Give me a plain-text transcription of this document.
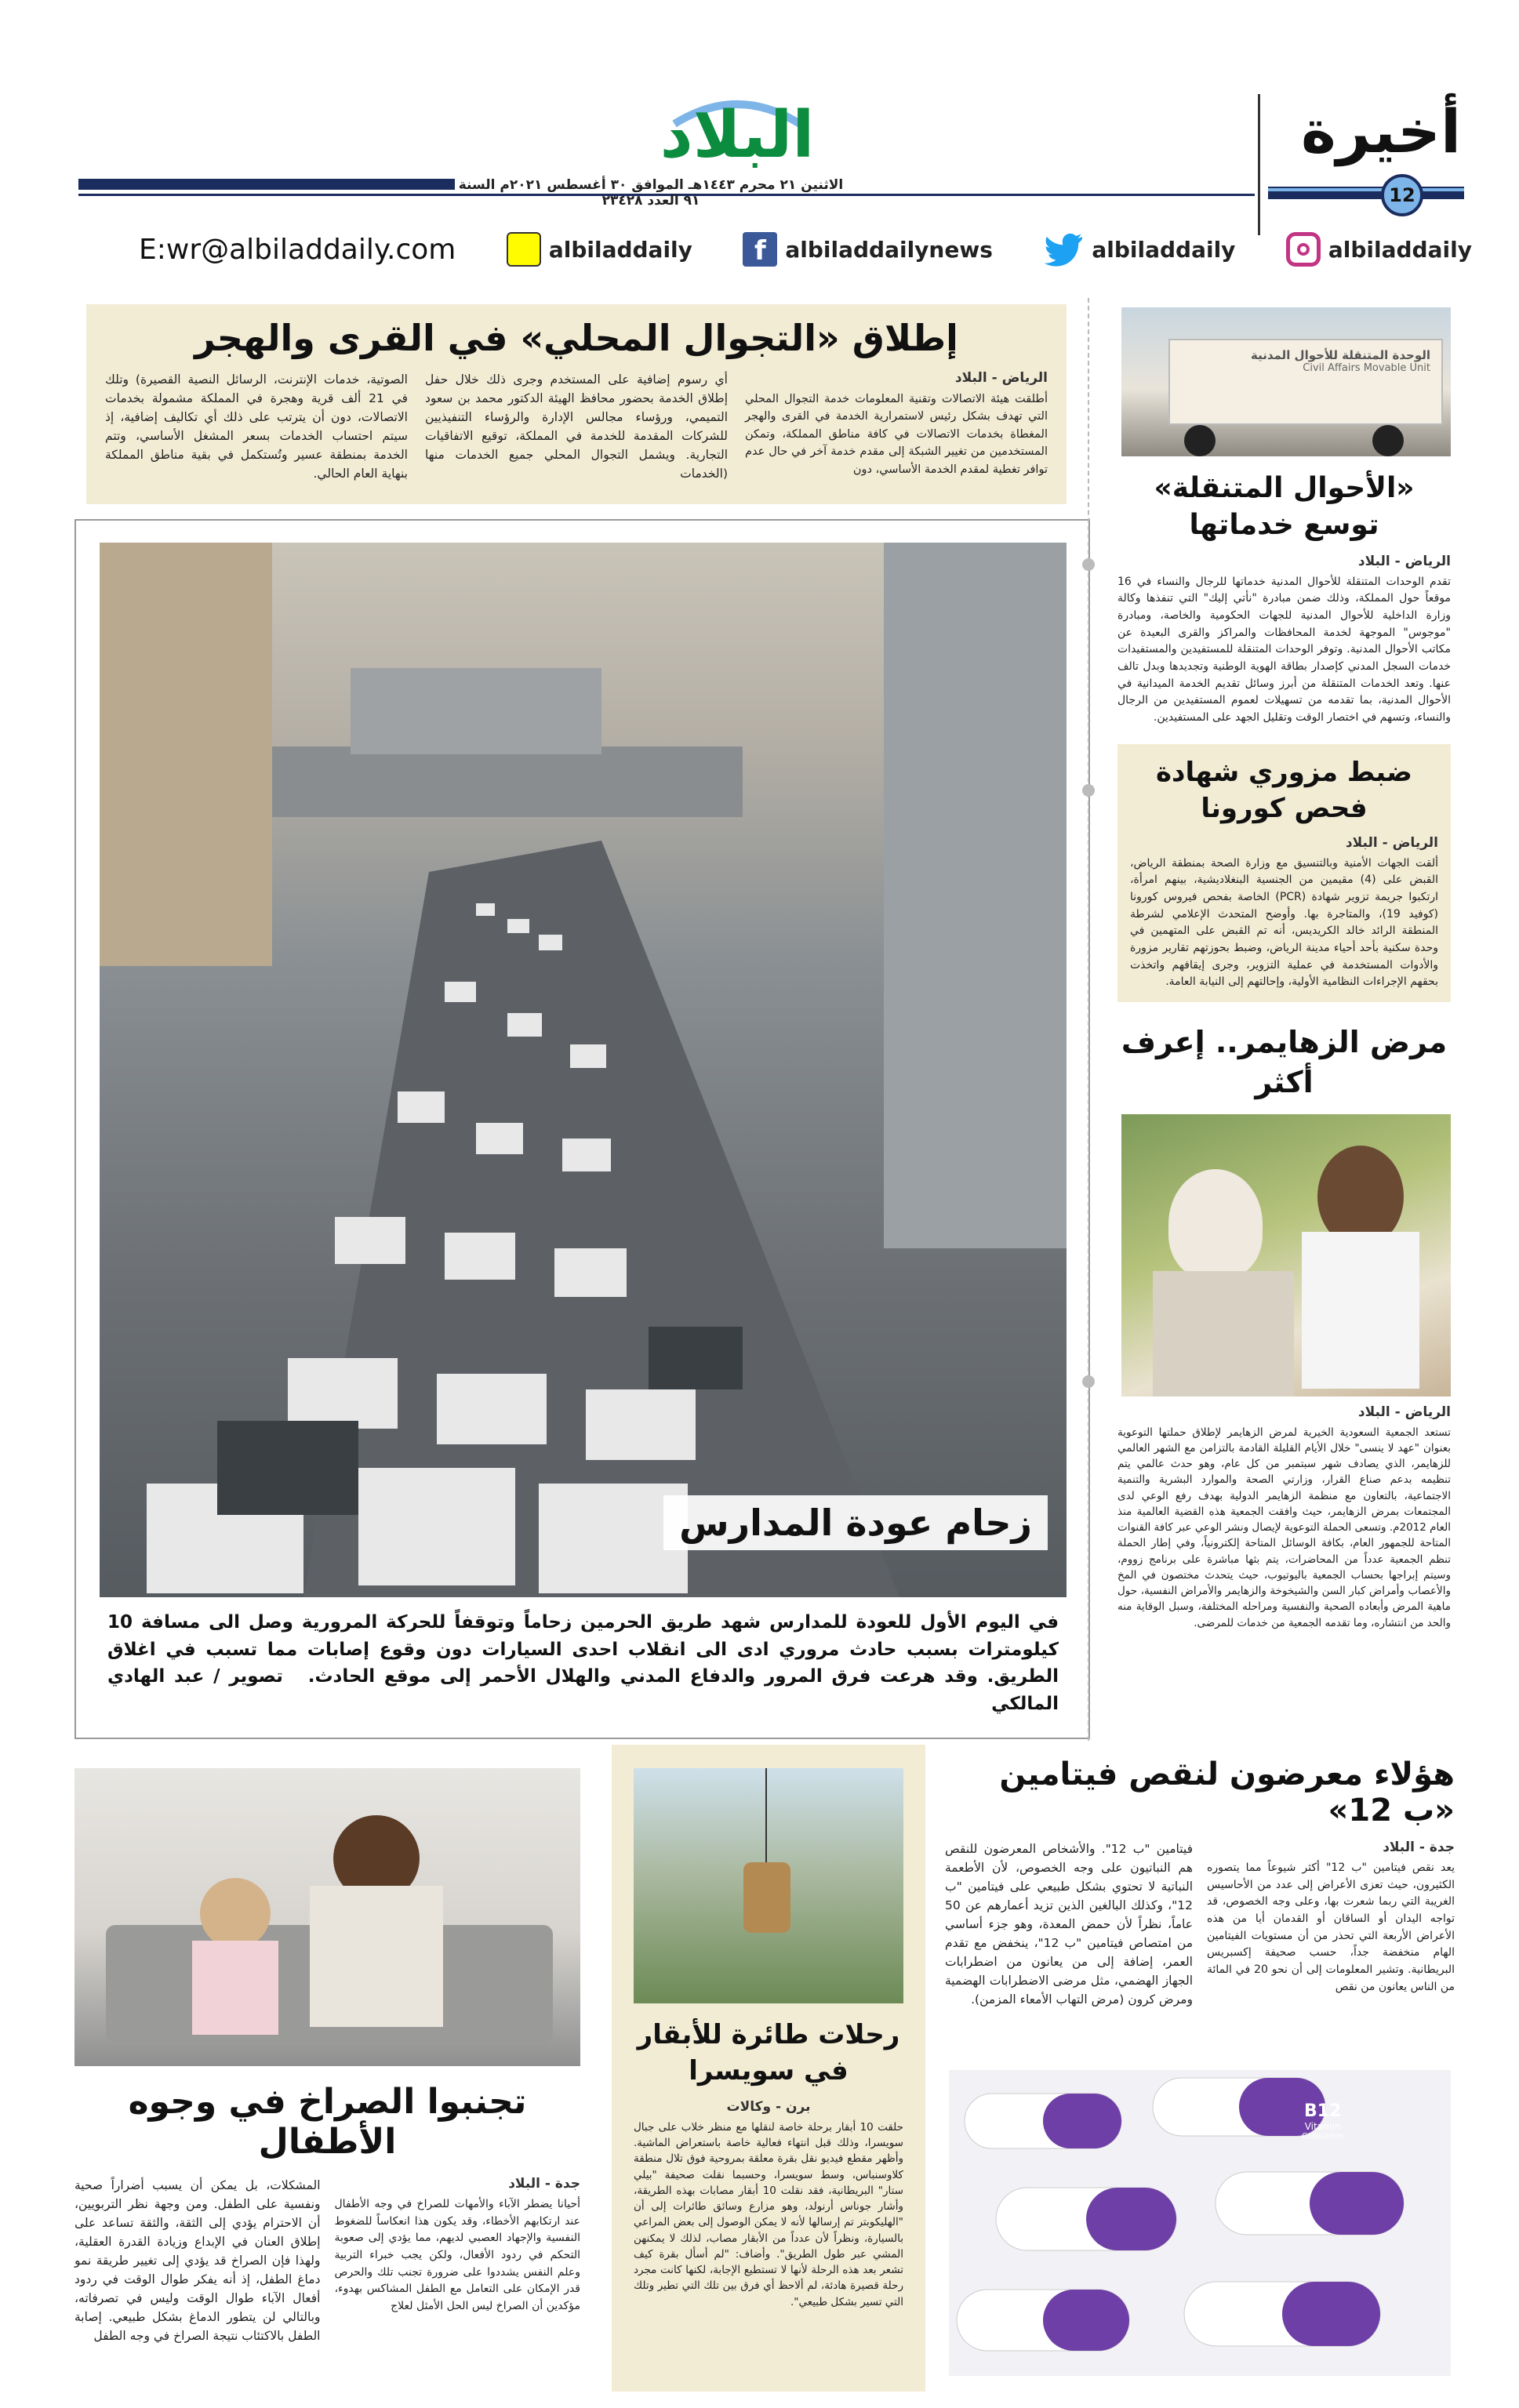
أخيرة
12
البلاد
الاثنين ٢١ محرم ١٤٤٣هـ الموافق ٣٠ أغسطس ٢٠٢١م السنة ٩١ العدد ٢٣٤٢٨
E:wr@albiladdaily.com	albiladdaily	f albiladdailynews	albiladdaily	albiladdaily
إطلاق «التجوال المحلي» في القرى والهجر
الرياض - البلاد
أطلقت هيئة الاتصالات وتقنية المعلومات خدمة التجوال المحلي التي تهدف بشكل رئيس لاستمرارية الخدمة في القرى والهجر المغطاة بخدمات الاتصالات في كافة مناطق المملكة، وتمكن المستخدمين من تغيير الشبكة إلى مقدم خدمة آخر في حال عدم توافر تغطية لمقدم الخدمة الأساسي، دون
أي رسوم إضافية على المستخدم وجرى ذلك خلال حفل إطلاق الخدمة بحضور محافظ الهيئة الدكتور محمد بن سعود التميمي، ورؤساء مجالس الإدارة والرؤساء التنفيذيين للشركات المقدمة للخدمة في المملكة، توقيع الاتفاقيات التجارية. ويشمل التجوال المحلي جميع الخدمات منها (الخدمات
الصوتية، خدمات الإنترنت، الرسائل النصية القصيرة) وتلك في 21 ألف قرية وهجرة في المملكة مشمولة بخدمات الاتصالات، دون أن يترتب على ذلك أي تكاليف إضافية، إذ سيتم احتساب الخدمات بسعر المشغل الأساسي، وتتم الخدمة بمنطقة عسير وتُستكمل في بقية مناطق المملكة بنهاية العام الحالي.
زحام عودة المدارس
في اليوم الأول للعودة للمدارس شهد طريق الحرمين زحاماً وتوقفاً للحركة المرورية وصل الى مسافة 10 كيلومترات بسبب حادث مروري ادى الى انقلاب احدى السيارات دون وقوع إصابات مما تسبب في اغلاق الطريق. وقد هرعت فرق المرور والدفاع المدني والهلال الأحمر إلى موقع الحادث. تصوير / عبد الهادي المالكي
الوحدة المتنقلة للأحوال المدنية
Civil Affairs Movable Unit
«الأحوال المتنقلة» توسع خدماتها
الرياض - البلاد
تقدم الوحدات المتنقلة للأحوال المدنية خدماتها للرجال والنساء في 16 موقعاً حول المملكة، وذلك ضمن مبادرة "نأتي إليك" التي تنفذها وكالة وزارة الداخلية للأحوال المدنية للجهات الحكومية والخاصة، ومبادرة "موجوس" الموجهة لخدمة المحافظات والمراكز والقرى البعيدة عن مكاتب الأحوال المدنية. وتوفر الوحدات المتنقلة للمستفيدين والمستفيدات خدمات السجل المدني كإصدار بطاقة الهوية الوطنية وتجديدها وبدل تالف عنها. وتعد الخدمات المتنقلة من أبرز وسائل تقديم الخدمة الميدانية في الأحوال المدنية، بما تقدمه من تسهيلات لعموم المستفيدين من الرجال والنساء، وتسهم في اختصار الوقت وتقليل الجهد على المستفيدين.
ضبط مزوري شهادة فحص كورونا
الرياض - البلاد
ألقت الجهات الأمنية وبالتنسيق مع وزارة الصحة بمنطقة الرياض، القبض على (4) مقيمين من الجنسية البنغلاديشية، بينهم امرأة، ارتكبوا جريمة تزوير شهادة (PCR) الخاصة بفحص فيروس كورونا (كوفيد 19)، والمتاجرة بها. وأوضح المتحدث الإعلامي لشرطة المنطقة الرائد خالد الكريديس، أنه تم القبض على المتهمين في وحدة سكنية بأحد أحياء مدينة الرياض، وضبط بحوزتهم تقارير مزورة والأدوات المستخدمة في عملية التزوير، وجرى إيقافهم واتخذت بحقهم الإجراءات النظامية الأولية، وإحالتهم إلى النيابة العامة.
مرض الزهايمر.. إعرف أكثر
الرياض - البلاد
تستعد الجمعية السعودية الخيرية لمرض الزهايمر لإطلاق حملتها التوعوية بعنوان "عهد لا ينسى" خلال الأيام القليلة القادمة بالتزامن مع الشهر العالمي للزهايمر، الذي يصادف شهر سبتمبر من كل عام، وهو حدث عالمي يتم تنظيمه بدعم صناع القرار، وزارتي الصحة والموارد البشرية والتنمية الاجتماعية، بالتعاون مع منظمة الزهايمر الدولية بهدف رفع الوعي لدى المجتمعات بمرض الزهايمر، حيث وافقت الجمعية هذه القضية العالمية منذ العام 2012م. وتسعى الحملة التوعوية لإيصال ونشر الوعي عبر كافة القنوات المتاحة للجمهور العام، بكافة الوسائل المتاحة إلكترونياً، وفي إطار الحملة تنظم الجمعية عدداً من المحاضرات، يتم بثها مباشرة على برنامج زووم، وسيتم إبراجها بحساب الجمعية باليوتيوب، حيث يتحدث مختصون في المخ والأعصاب وأمراض كبار السن والشيخوخة والزهايمر والأمراض النفسية، حول ماهية المرض وأبعاده الصحية والنفسية ومراحله المختلفة، وسبل الوقاية منه والحد من انتشاره، وما تقدمه الجمعية من خدمات للمرضى.
هؤلاء معرضون لنقص فيتامين «ب 12»
جدة - البلاد
يعد نقص فيتامين "ب 12" أكثر شيوعاً مما يتصوره الكثيرون، حيث تعزى الأعراض إلى عدد من الأحاسيس الغريبة التي ربما شعرت بها، وعلى وجه الخصوص، قد تواجه اليدان أو الساقان أو القدمان أيا من هذه الأعراض الأربعة التي تحذر من أن مستويات الفيتامين الهام منخفضة جداً، حسب صحيفة إكسبريس البريطانية. وتشير المعلومات إلى أن نحو 20 في المائة من الناس يعانون من نقص
فيتامين "ب 12". والأشخاص المعرضون للنقص هم النباتيون على وجه الخصوص، لأن الأطعمة النباتية لا تحتوي بشكل طبيعي على فيتامين "ب 12"، وكذلك البالغين الذين تزيد أعمارهم عن 50 عاماً، نظراً لأن حمض المعدة، وهو جزء أساسي من امتصاص فيتامين "ب 12"، ينخفض مع تقدم العمر، إضافة إلى من يعانون من اضطرابات الجهاز الهضمي، مثل مرضى الاضطرابات الهضمية ومرض كرون (مرض التهاب الأمعاء المزمن).
B12
Vitamin
Cobalamin
رحلات طائرة للأبقار في سويسرا
برن - وكالات
حلقت 10 أبقار برحلة خاصة لنقلها مع منظر خلاب على جبال سويسرا، وذلك قبل انتهاء فعالية خاصة باستعراض الماشية. وأظهر مقطع فيديو نقل بقرة معلقة بمروحية فوق تلال منطقة كلاوسنباس، وسط سويسرا، وحسبما نقلت صحيفة "بيلي ستار" البريطانية، فقد نقلت 10 أبقار مصابات بهذه الطريقة، وأشار جوناس أرنولد، وهو مزارع وسائق طائرات إلى أن "الهليكوبتر تم إرسالها لأنه لا يمكن الوصول إلى بعض المراعي بالسيارة، ونظراً لأن عدداً من الأبقار مصاب، لذلك لا يمكنهن المشي عبر طول الطريق". وأضاف: "لم أسأل بقرة كيف تشعر بعد هذه الرحلة لأنها لا تستطيع الإجابة، لكنها كانت مجرد رحلة قصيرة هادئة، لم ألاحظ أي فرق بين تلك التي تطير وتلك التي تسير بشكل طبيعي".
تجنبوا الصراخ في وجوه الأطفال
جدة - البلاد
أحيانا يضطر الآباء والأمهات للصراخ في وجه الأطفال عند ارتكابهم الأخطاء، وقد يكون هذا انعكاساً للضغوط النفسية والإجهاد العصبي لديهم، مما يؤدي إلى صعوبة التحكم في ردود الأفعال، ولكن يجب خبراء التربية وعلم النفس يشددوا على ضرورة تجنب تلك والحرص قدر الإمكان على التعامل مع الطفل المشاكس بهدوء، مؤكدين أن الصراخ ليس الحل الأمثل لعلاج
المشكلات، بل يمكن أن يسبب أضراراً صحية ونفسية على الطفل. ومن وجهة نظر التربويين، أن الاحترام يؤدي إلى الثقة، والثقة تساعد على إطلاق العنان في الإبداع وزيادة القدرة العقلية، ولهذا فإن الصراخ قد يؤدي إلى تغيير طريقة نمو دماغ الطفل، إذ أنه يفكر طوال الوقت في ردود أفعال الآباء طوال الوقت وليس في تصرفاته، وبالتالي لن يتطور الدماغ بشكل طبيعي. إصابة الطفل بالاكتئاب نتيجة الصراخ في وجه الطفل
